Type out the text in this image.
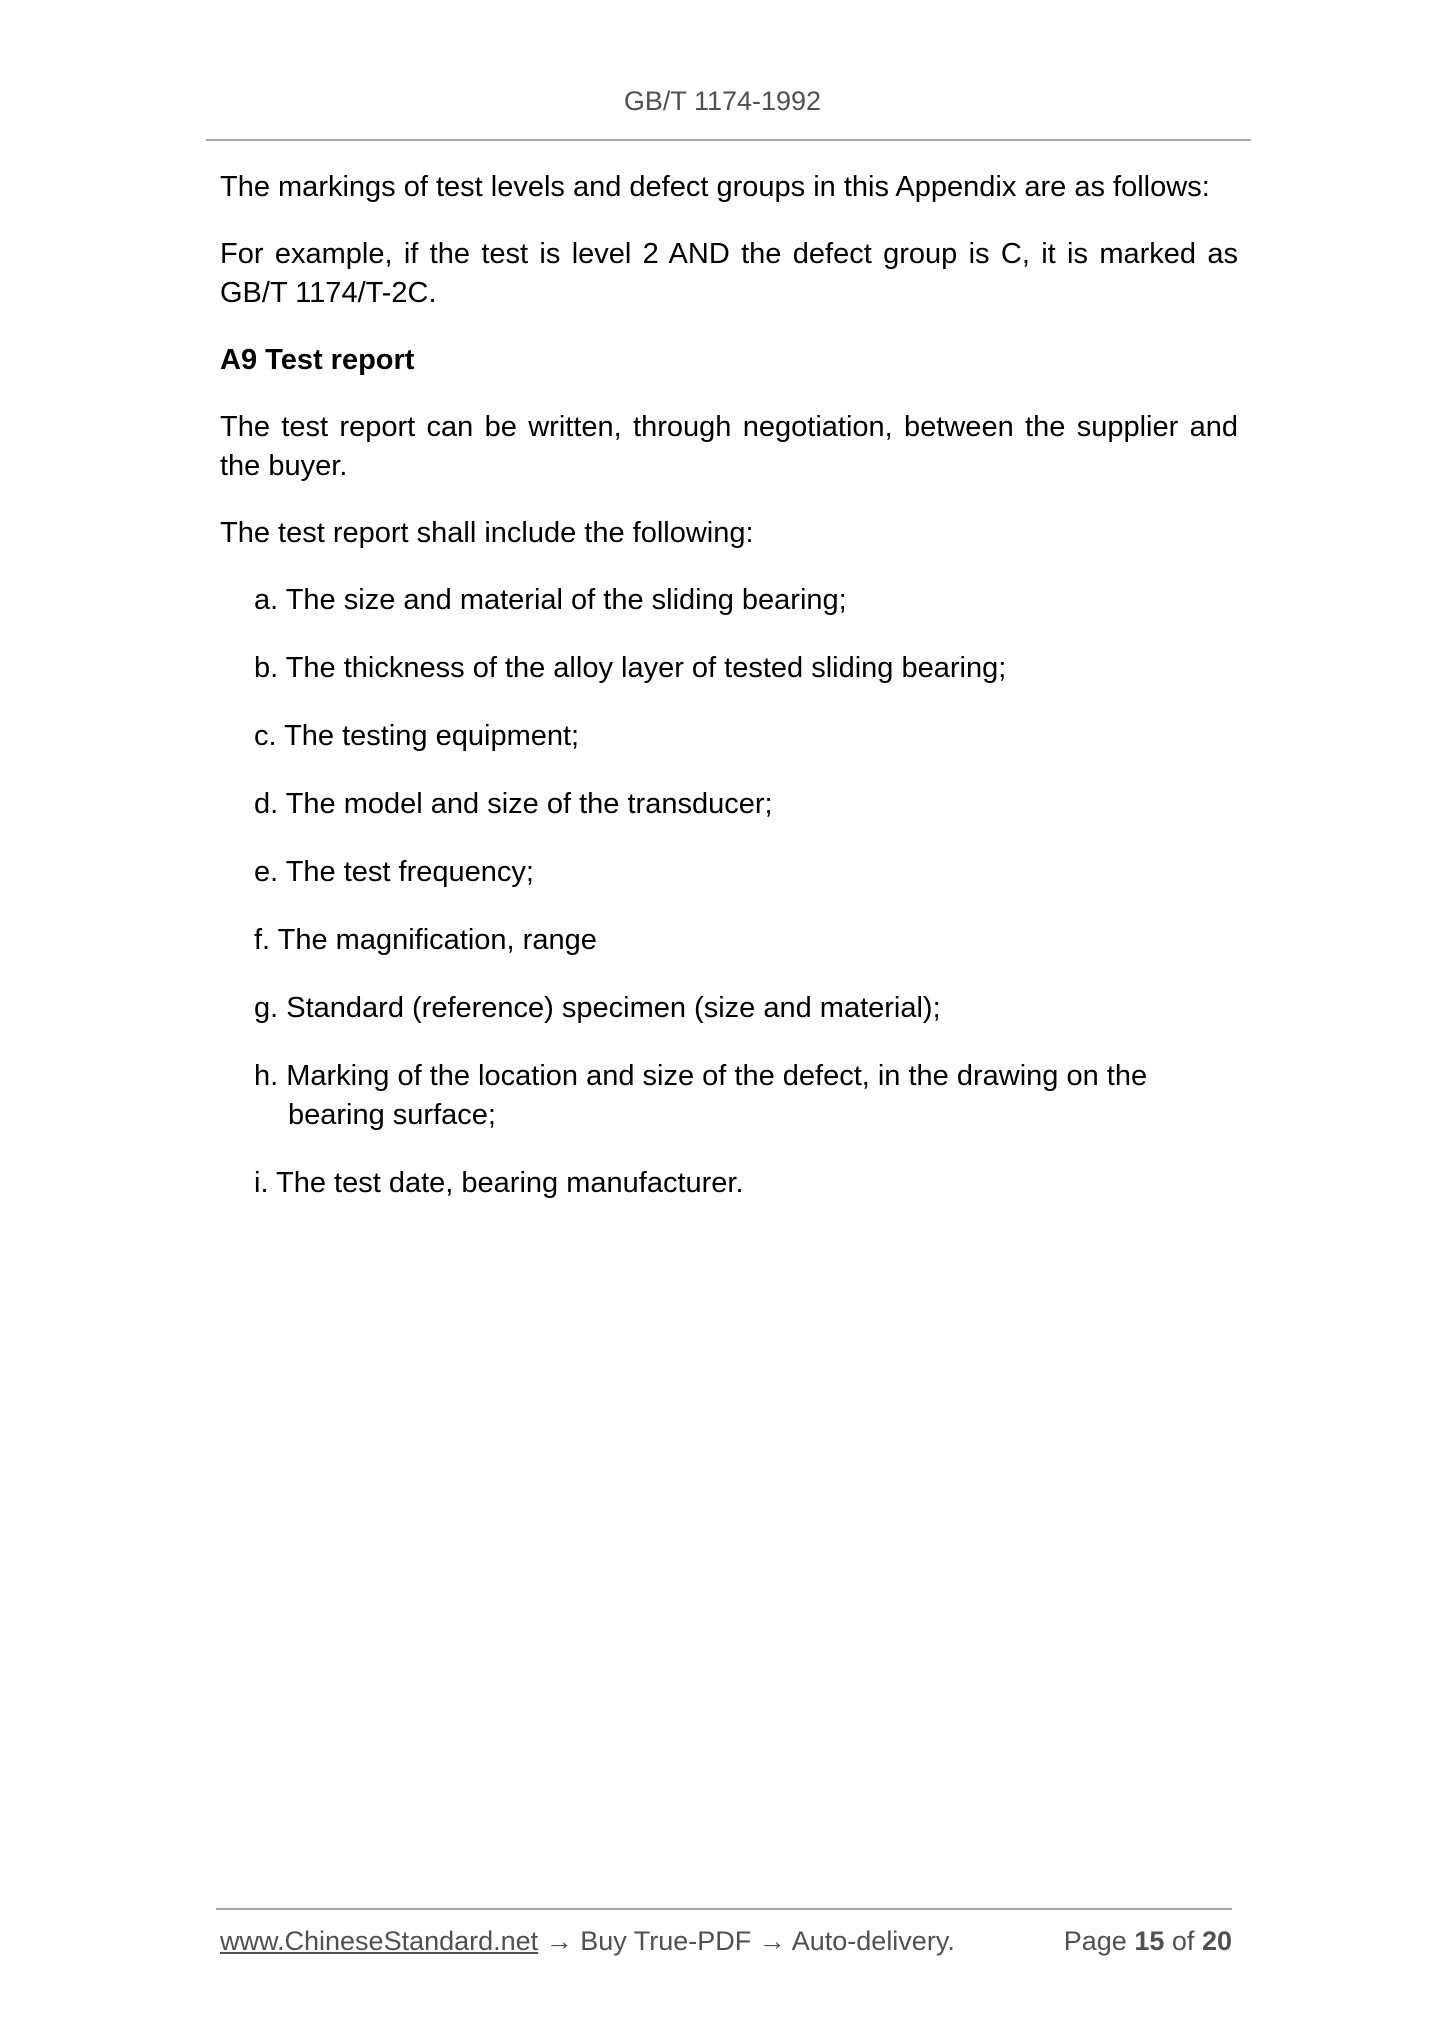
GB/T 1174-1992

The markings of test levels and defect groups in this Appendix are as follows:

For example, if the test is level 2 AND the defect group is C, it is marked as GB/T 1174/T-2C.

A9 Test report

The test report can be written, through negotiation, between the supplier and the buyer.

The test report shall include the following:

a. The size and material of the sliding bearing;
b. The thickness of the alloy layer of tested sliding bearing;
c. The testing equipment;
d. The model and size of the transducer;
e. The test frequency;
f. The magnification, range
g. Standard (reference) specimen (size and material);
h. Marking of the location and size of the defect, in the drawing on the bearing surface;
i. The test date, bearing manufacturer.
www.ChineseStandard.net → Buy True-PDF → Auto-delivery.	Page 15 of 20
